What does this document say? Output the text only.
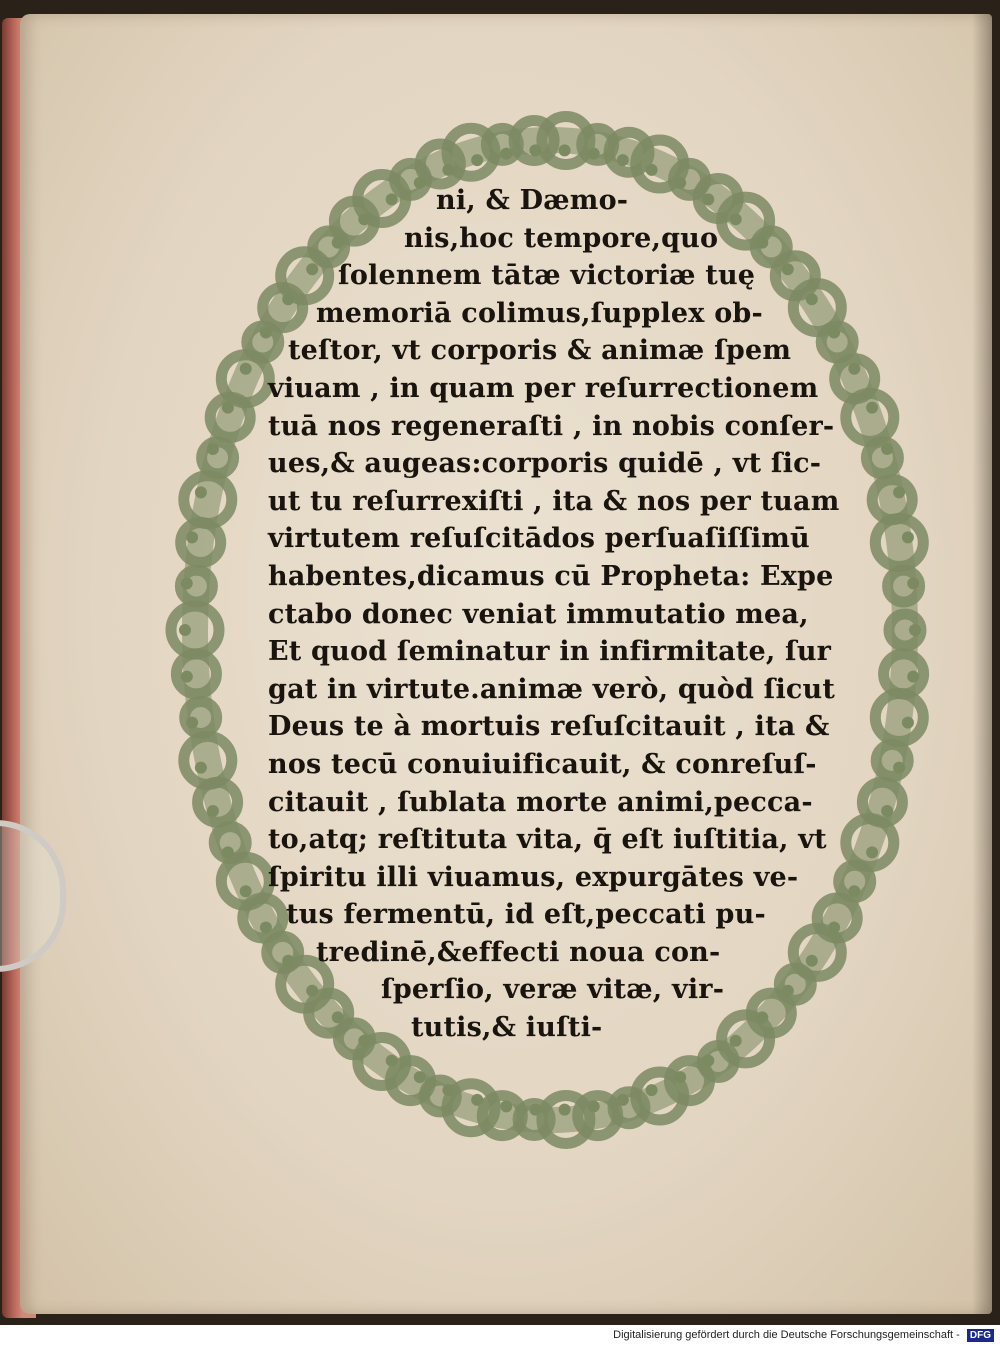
ni, & Dæmo-
nis,hoc tempore,quo
ſolennem tātæ victoriæ tuę
memoriā colimus,ſupplex ob-
teſtor, vt corporis & animæ ſpem
viuam , in quam per reſurrectionem
tuā nos regeneraſti , in nobis conſer-
ues,& augeas:corporis quidē , vt ſic-
ut tu reſurrexiſti , ita & nos per tuam
virtutem reſuſcitādos perſuaſiſſimū
habentes,dicamus cū Propheta: Expe
ctabo donec veniat immutatio mea,
Et quod ſeminatur in infirmitate, ſur
gat in virtute.animæ verò, quòd ſicut
Deus te à mortuis reſuſcitauit , ita &
nos tecū conuiuificauit, & conreſuſ-
citauit , ſublata morte animi,pecca-
to,atq; reſtituta vita, q̄ eſt iuſtitia, vt
ſpiritu illi viuamus, expurgātes ve-
tus fermentū, id eſt,peccati pu-
tredinē,&effecti noua con-
ſperſio, veræ vitæ, vir-
tutis,& iuſti-
Digitalisierung gefördert durch die Deutsche Forschungsgemeinschaft - DFG
